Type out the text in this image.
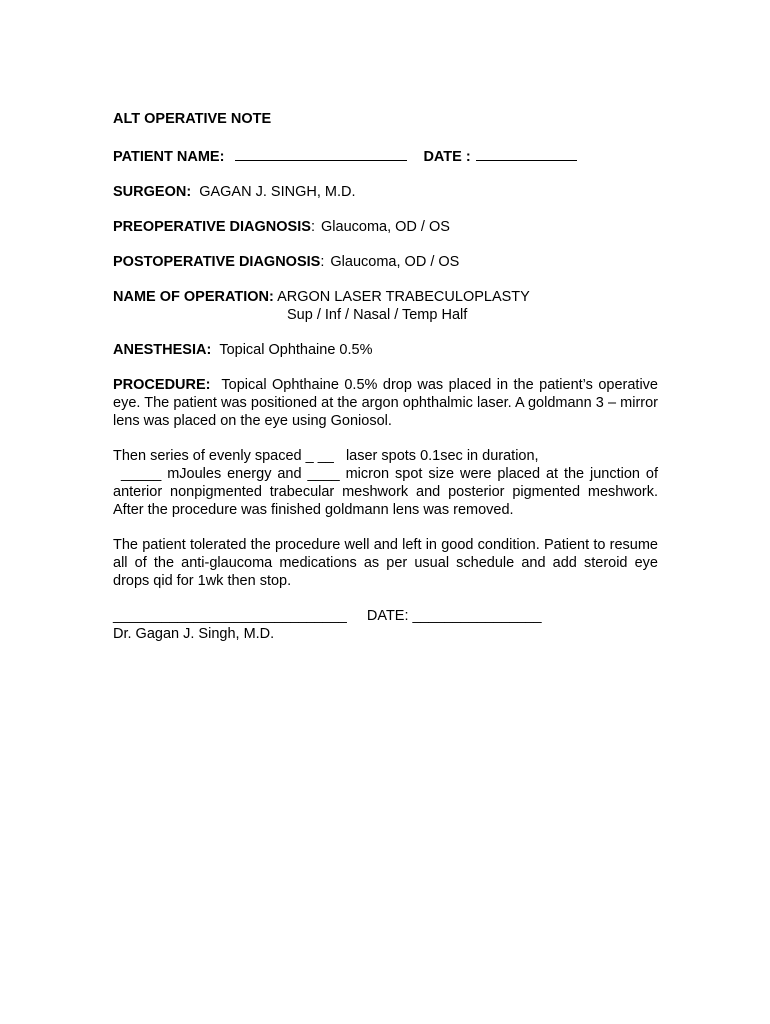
ALT OPERATIVE NOTE
PATIENT NAME:	DATE :
SURGEON: GAGAN J. SINGH, M.D.
PREOPERATIVE DIAGNOSIS: Glaucoma, OD / OS
POSTOPERATIVE DIAGNOSIS: Glaucoma, OD / OS
NAME OF OPERATION: ARGON LASER TRABECULOPLASTY
Sup / Inf / Nasal / Temp Half
ANESTHESIA: Topical Ophthaine 0.5%
PROCEDURE: Topical Ophthaine 0.5% drop was placed in the patient’s operative eye. The patient was positioned at the argon ophthalmic laser. A goldmann 3 – mirror lens was placed on the eye using Goniosol.
Then series of evenly spaced _ __   laser spots 0.1sec in duration,
_____ mJoules energy and ____ micron spot size were placed at the junction of anterior nonpigmented trabecular meshwork and posterior pigmented meshwork. After the procedure was finished goldmann lens was removed.
The patient tolerated the procedure well and left in good condition. Patient to resume all of the anti-glaucoma medications as per usual schedule and add steroid eye drops qid for 1wk then stop.
_____________________________ DATE: ________________
Dr. Gagan J. Singh, M.D.
